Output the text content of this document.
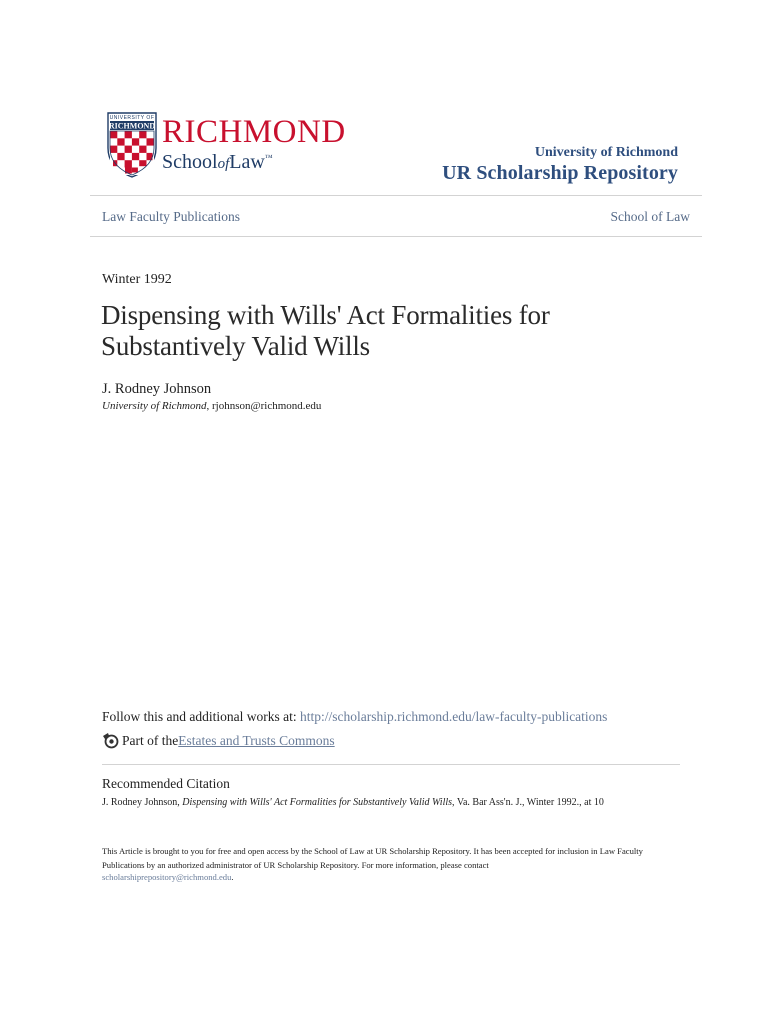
UNIVERSITY OF
RICHMOND RICHMOND
SchoolofLaw™	University of Richmond
UR Scholarship Repository
Law Faculty Publications	School of Law
Winter 1992
Dispensing with Wills' Act Formalities for Substantively Valid Wills
J. Rodney Johnson
University of Richmond, rjohnson@richmond.edu
Follow this and additional works at: http://scholarship.richmond.edu/law-faculty-publications
Part of the Estates and Trusts Commons
Recommended Citation
J. Rodney Johnson, Dispensing with Wills' Act Formalities for Substantively Valid Wills, Va. Bar Ass'n. J., Winter 1992., at 10
This Article is brought to you for free and open access by the School of Law at UR Scholarship Repository. It has been accepted for inclusion in Law Faculty Publications by an authorized administrator of UR Scholarship Repository. For more information, please contact
scholarshiprepository@richmond.edu.
